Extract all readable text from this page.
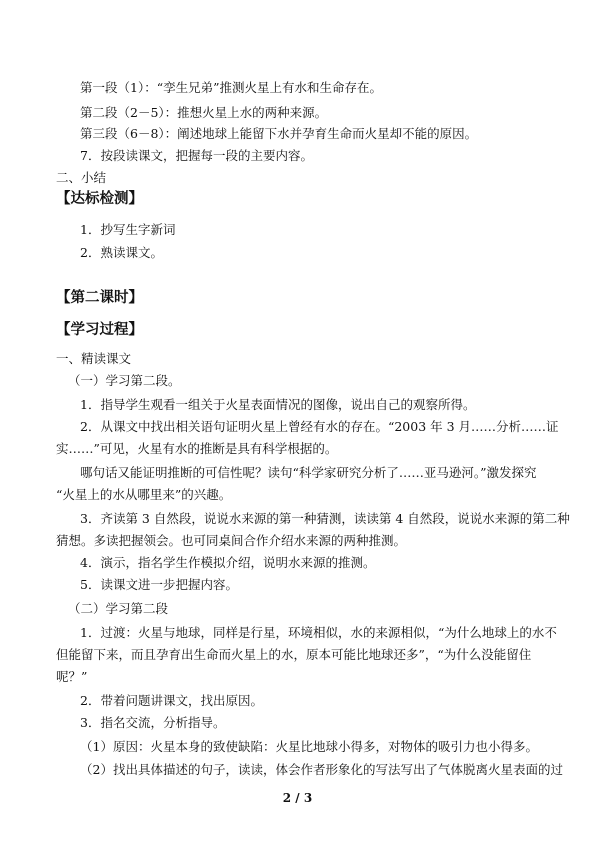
第一段（1）：“孪生兄弟”推测火星上有水和生命存在。
第二段（2－5）：推想火星上水的两种来源。
第三段（6－8）：阐述地球上能留下水并孕育生命而火星却不能的原因。
7．按段读课文，把握每一段的主要内容。
二、小结
【达标检测】
1．抄写生字新词
2．熟读课文。
【第二课时】
【学习过程】
一、精读课文
（一）学习第二段。
1．指导学生观看一组关于火星表面情况的图像，说出自己的观察所得。
2．从课文中找出相关语句证明火星上曾经有水的存在。“2003 年 3 月……分析……证
实……”可见，火星有水的推断是具有科学根据的。
哪句话又能证明推断的可信性呢？读句“科学家研究分析了……亚马逊河。”激发探究
“火星上的水从哪里来”的兴趣。
3．齐读第 3 自然段，说说水来源的第一种猜测，读读第 4 自然段，说说水来源的第二种
猜想。多读把握领会。也可同桌间合作介绍水来源的两种推测。
4．演示，指名学生作模拟介绍，说明水来源的推测。
5．读课文进一步把握内容。
（二）学习第二段
1．过渡：火星与地球，同样是行星，环境相似，水的来源相似，“为什么地球上的水不
但能留下来，而且孕育出生命而火星上的水，原本可能比地球还多”，“为什么没能留住
呢？”
2．带着问题讲课文，找出原因。
3．指名交流，分析指导。
（1）原因：火星本身的致使缺陷：火星比地球小得多，对物体的吸引力也小得多。
（2）找出具体描述的句子，读读，体会作者形象化的写法写出了气体脱离火星表面的过
2 / 3
